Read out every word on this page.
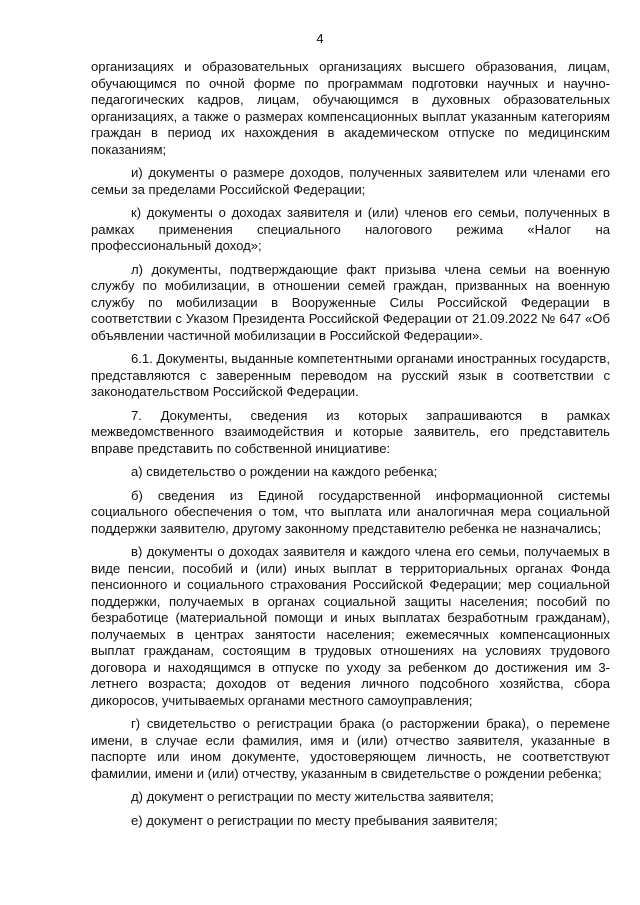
4

организациях и образовательных организациях высшего образования, лицам, обучающимся по очной форме по программам подготовки научных и научно-педагогических кадров, лицам, обучающимся в духовных образовательных организациях, а также о размерах компенсационных выплат указанным категориям граждан в период их нахождения в академическом отпуске по медицинским показаниям;

и) документы о размере доходов, полученных заявителем или членами его семьи за пределами Российской Федерации;

к) документы о доходах заявителя и (или) членов его семьи, полученных в рамках применения специального налогового режима «Налог на профессиональный доход»;

л) документы, подтверждающие факт призыва члена семьи на военную службу по мобилизации, в отношении семей граждан, призванных на военную службу по мобилизации в Вооруженные Силы Российской Федерации в соответствии с Указом Президента Российской Федерации от 21.09.2022 № 647 «Об объявлении частичной мобилизации в Российской Федерации».

6.1. Документы, выданные компетентными органами иностранных государств, представляются с заверенным переводом на русский язык в соответствии с законодательством Российской Федерации.

7. Документы, сведения из которых запрашиваются в рамках межведомственного взаимодействия и которые заявитель, его представитель вправе представить по собственной инициативе:

а) свидетельство о рождении на каждого ребенка;

б) сведения из Единой государственной информационной системы социального обеспечения о том, что выплата или аналогичная мера социальной поддержки заявителю, другому законному представителю ребенка не назначались;

в) документы о доходах заявителя и каждого члена его семьи, получаемых в виде пенсии, пособий и (или) иных выплат в территориальных органах Фонда пенсионного и социального страхования Российской Федерации; мер социальной поддержки, получаемых в органах социальной защиты населения; пособий по безработице (материальной помощи и иных выплатах безработным гражданам), получаемых в центрах занятости населения; ежемесячных компенсационных выплат гражданам, состоящим в трудовых отношениях на условиях трудового договора и находящимся в отпуске по уходу за ребенком до достижения им 3-летнего возраста; доходов от ведения личного подсобного хозяйства, сбора дикоросов, учитываемых органами местного самоуправления;

г) свидетельство о регистрации брака (о расторжении брака), о перемене имени, в случае если фамилия, имя и (или) отчество заявителя, указанные в паспорте или ином документе, удостоверяющем личность, не соответствуют фамилии, имени и (или) отчеству, указанным в свидетельстве о рождении ребенка;

д) документ о регистрации по месту жительства заявителя;

е) документ о регистрации по месту пребывания заявителя;
